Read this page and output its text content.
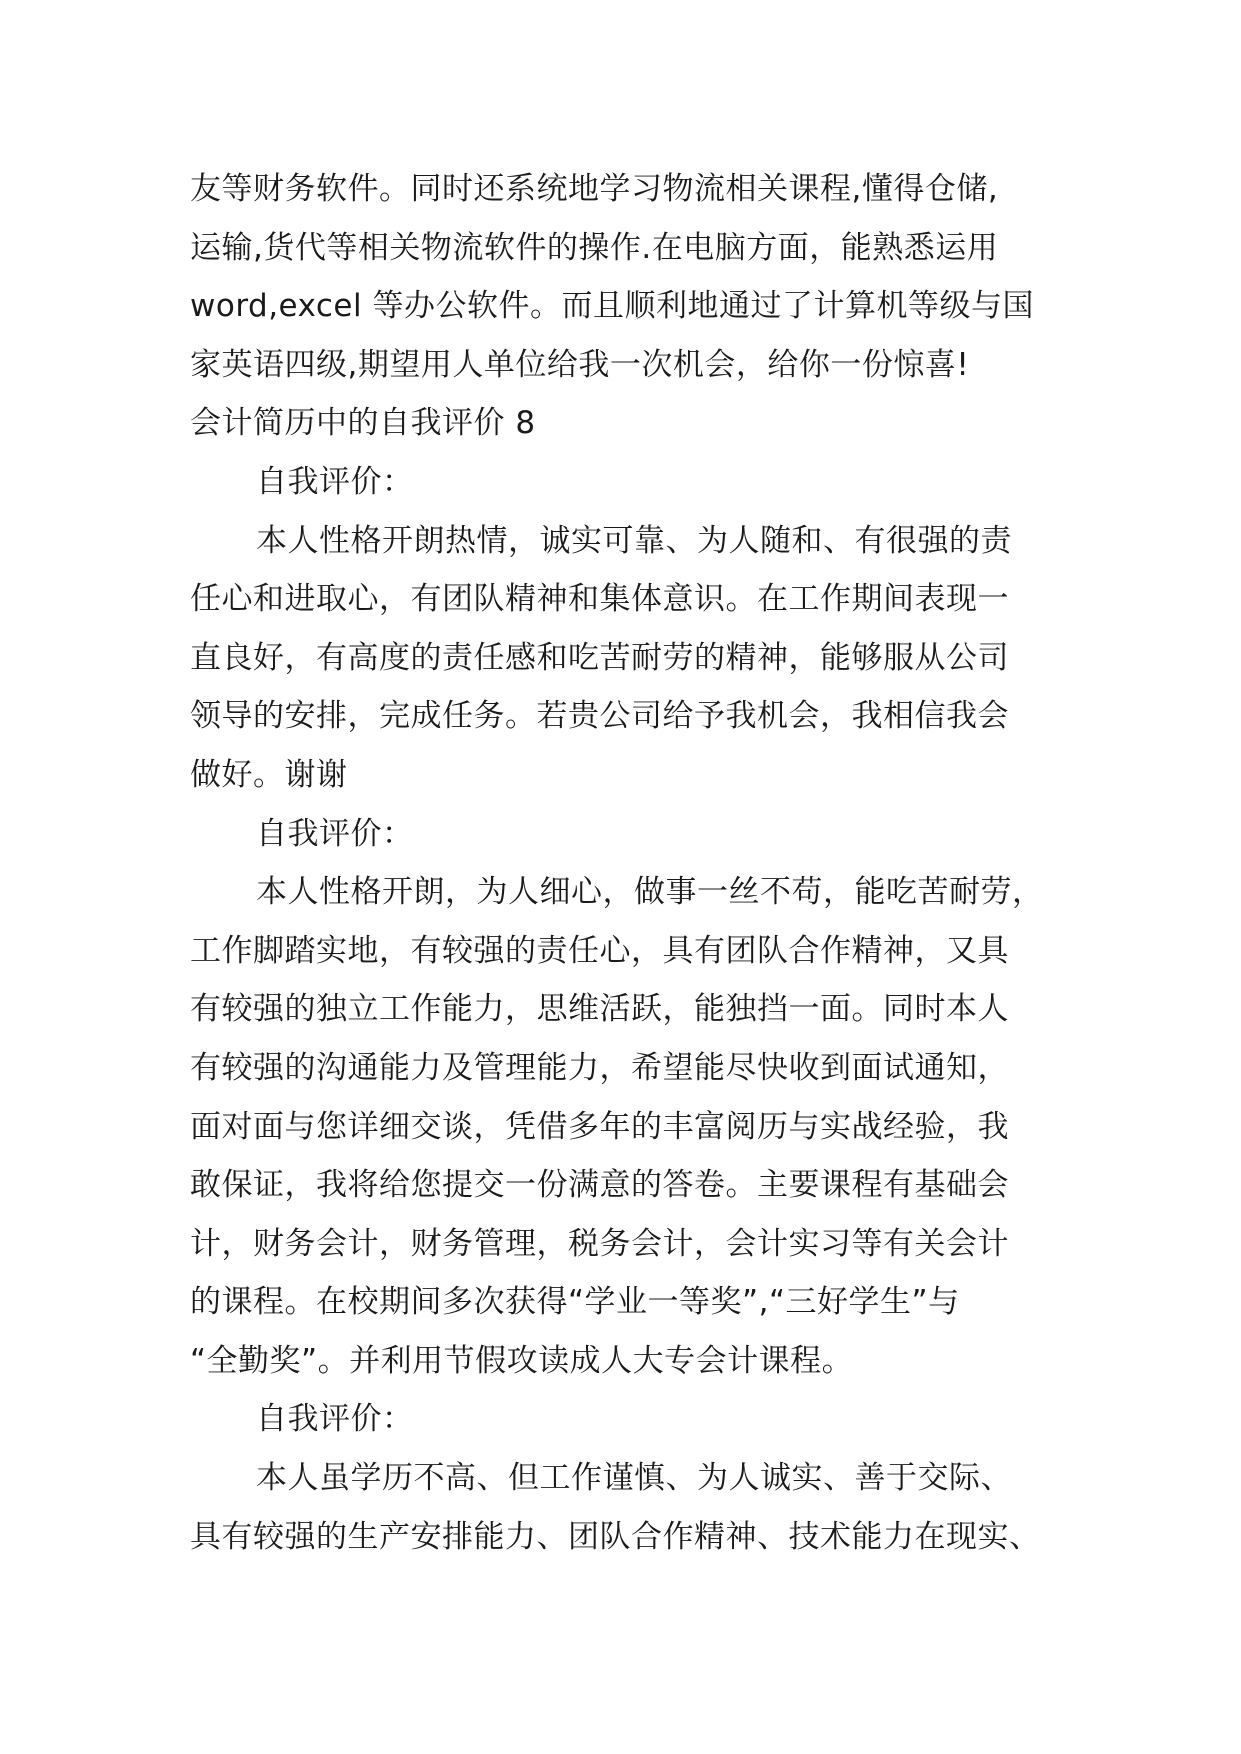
友等财务软件。同时还系统地学习物流相关课程,懂得仓储,
运输,货代等相关物流软件的操作.在电脑方面，能熟悉运用
word,excel 等办公软件。而且顺利地通过了计算机等级与国
家英语四级,期望用人单位给我一次机会，给你一份惊喜!
会计简历中的自我评价 8
自我评价：
本人性格开朗热情，诚实可靠、为人随和、有很强的责
任心和进取心，有团队精神和集体意识。在工作期间表现一
直良好，有高度的责任感和吃苦耐劳的精神，能够服从公司
领导的安排，完成任务。若贵公司给予我机会，我相信我会
做好。谢谢
自我评价：
本人性格开朗，为人细心，做事一丝不苟，能吃苦耐劳，
工作脚踏实地，有较强的责任心，具有团队合作精神，又具
有较强的独立工作能力，思维活跃，能独挡一面。同时本人
有较强的沟通能力及管理能力，希望能尽快收到面试通知，
面对面与您详细交谈，凭借多年的丰富阅历与实战经验，我
敢保证，我将给您提交一份满意的答卷。主要课程有基础会
计，财务会计，财务管理，税务会计，会计实习等有关会计
的课程。在校期间多次获得“学业一等奖”,“三好学生”与
“全勤奖”。并利用节假攻读成人大专会计课程。
自我评价：
本人虽学历不高、但工作谨慎、为人诚实、善于交际、
具有较强的生产安排能力、团队合作精神、技术能力在现实、
